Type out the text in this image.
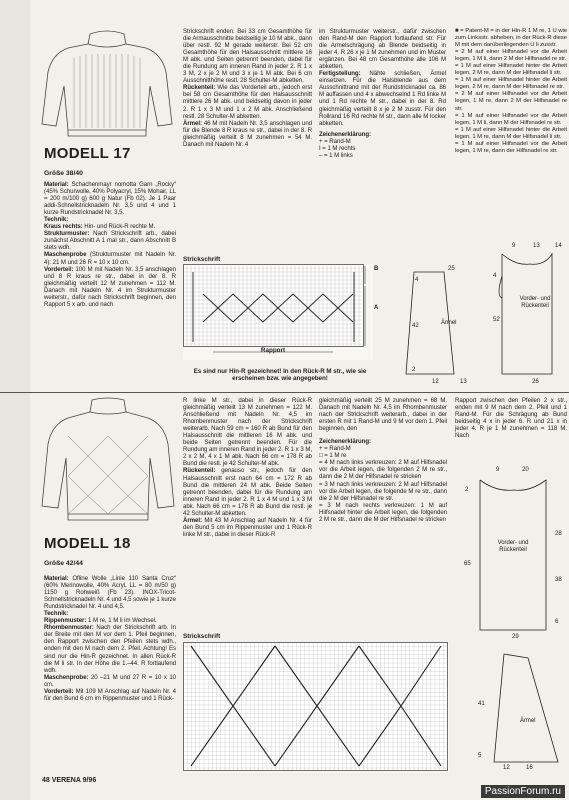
MODELL 17
Größe 38/40

Material: Schachenmayr nomotta Garn „Rocky“ (45% Schurwolle, 40% Polyacryl, 15% Mohair, LL = 200 m/100 g) 600 g Natur (Fb 02). Je 1 Paar addi-Schnellstricknadeln Nr. 3,5 und 4 und 1 kurze Rundstricknadel Nr. 3,5.

Technik:

Kraus rechts: Hin- und Rück-R rechte M.

Strukturmuster: Nach Strickschrift arb., dabei zunächst Abschnitt A 1 mal str., dann Abschnitt B stets wdh.

Maschenprobe (Strukturmuster mit Nadeln Nr. 4): 21 M und 26 R = 10 x 10 cm.

Vorderteil: 100 M mit Nadeln Nr. 3,5 anschlagen und 8 R kraus re str., dabei in der 8. R gleichmäßig verteilt 12 M zunehmen = 112 M. Danach mit Nadeln Nr. 4 im Strukturmuster weiterstr., dafür nach Strickschrift beginnen, den Rapport 5 x arb. und nach

Strickschrift enden. Bei 33 cm Gesamthöhe für die Armausschnitte beidseitig je 10 M abk., dann über restl. 92 M gerade weiterstr. Bei 52 cm Gesamthöhe für den Halsausschnitt mittlere 16 M abk. und Seiten getrennt beenden, dabei für die Rundung am inneren Rand in jeder 2. R 1 x 3 M, 2 x je 2 M und 3 x je 1 M abk. Bei 6 cm Ausschnitthöhe restl. 28 Schulter-M abketten.

Rückenteil: Wie das Vorderteil arb., jedoch erst bei 58 cm Gesamthöhe für den Halsausschnitt mittlere 26 M abk. und beidseitig davon in jeder 2. R 1 x 3 M und 1 x 2 M abk. Anschließend restl. 28 Schulter-M abketten.

Ärmel: 46 M mit Nadeln Nr. 3,5 anschlagen und für die Blende 8 R kraus re str., dabei in der 8. R gleichmäßig verteilt 8 M zunehmen = 54 M. Danach mit Nadeln Nr. 4

im Strukturmuster weiterstr., dafür zwischen den Rand-M den Rapport fortlaufend str. Für die Armelschrägung ab Blende beidseitig in jeder 4. R 26 x je 1 M zunehmen und im Muster ergänzen. Bei 48 cm Gesamthöhe alle 106 M abketten.

Fertigstellung: Nähte schließen, Ärmel einsetzen. Für die Halsblende aus dem Ausschnittrand mit der Rundstricknadel ca. 86 M auffassen und 4 x abwechselnd 1 Rd linke M und 1 Rd rechte M str., dabei in der 8. Rd gleichmäßig verteilt 8 x je 2 M zusstr. Für den Rollrand 16 Rd rechte M str., dann alle M locker abketten.

Zeichenerklärung:

+ = Rand-M

I = 1 M rechts

– = 1 M links

■ = Patent-M = in der Hin-R 1 M re, 1 U wie zum Linksstr. abheben, in der Rück-R diese M mit dem darüberliegenden U li zusstr.

= 2 M auf einer Hilfsnadel vor die Arbeit legen, 1 M li, dann 2 M der Hilfsnadel re str.

= 1 M auf einer Hilfsnadel hinter die Arbeit legen, 2 M re, dann M der Hilfsnadel li str.

= 1 M auf einer Hilfsnadel hinter die Arbeit legen, 2 M re, dann M der Hilfsnadel re str.

= 2 M auf einer Hilfsnadel vor die Arbeit legen, 1 M re, dann 2 M der Hilfsnadel re str.

= 1 M auf einer Hilfsnadel vor die Arbeit legen, 1 M li, dann M der Hilfsnadel re str.

= 1 M auf einer Hilfsnadel hinter die Arbeit legen, 1 M re, dann M der Hilfsnadel li str.

= 1 M auf einer Hilfsnadel vor die Arbeit legen, 1 M re, dann der Hilfsnadel re str.

Strickschrift
B
A
Rapport
Es sind nur Hin-R gezeichnet! In den Rück-R M str., wie sie erscheinen bzw. wie angegeben!
Ärmel
Vorder- und Rückenteil
25
4
42
2
12	13
9	13	14
52
4
26
MODELL 18
Größe 42/44

Material: Ofline Wolle „Linie 110 Santa Cruz“ (60% Merinowolle, 40% Acryl, LL = 80 m/50 g) 1150 g Rohweiß (Fb 23). INOX-Tricot-Schnellstricknadeln Nr. 4 und 4,5 sowie je 1 kurze Rundstricknadel Nr. 4 und 4,5.

Technik:

Rippenmuster: 1 M re, 1 M li im Wechsel.

Rhombenmuster: Nach der Strickschrift arb. In der Breite mit den M vor dem 1. Pfeil beginnen, den Rapport zwischen den Pfeilen stets wdh., enden mit den M nach dem 2. Pfeil. Achtung! Es sind nur die Hin-R gezeichnet. In allen Rück-R die M li str. In der Höhe die 1.–44. R fortlaufend wdh.

Maschenprobe: 20 –21 M und 27 R = 10 x 10 cm.

Vorderteil: Mit 109 M Anschlag auf Nadeln Nr. 4 für den Bund 6 cm im Rippenmuster und 1 Rück-

R linke M str., dabei in dieser Rück-R gleichmäßig verteilt 13 M zunehmen = 122 M. Anschließend mit Nadeln Nr. 4,5 im Rhombenmuster nach der Strickschrift weiterarb. Nach 59 cm = 160 R ab Bund für den Halsausschnitt die mittleren 16 M abk. und beide Seiten getrennt beenden. Für die Rundung am inneren Rand in jeder 2. R 1 x 3 M, 2 x 2 M, 4 x 1 M abk. Nach 66 cm = 178 R ab Bund die restl. je 42 Schulter-M abk.

Rückenteil: genauso str., jedoch für den Halsausschnitt erst nach 64 cm = 172 R ab Bund die mittleren 24 M abk. Beide Seiten getrennt beenden, dabei für die Rundung am inneren Rand in jeder 2. R 1 x 4 M und 1 x 3 M abk. Nach 66 cm = 178 R ab Bund die restl. je 42 Schulter-M abketten.

Ärmel: Mit 43 M Anschlag auf Nadeln Nr. 4 für den Bund 5 cm im Rippenmuster und 1 Rück-R linke M str., dabei in dieser Rück-R

gleichmäßig verteilt 25 M zunehmen = 68 M. Danach mit Nadeln Nr. 4,5 im Rhombenmuster nach der Strickschrift weiterarb., dabei in der ersten R mit 1 Rand-M und 9 M vor dem 1. Pfeil beginnen, den

Zeichenerklärung:

+ = Rand-M

□ = 1 M re

= 4 M nach links verkreuzen: 2 M auf Hilfsnadel vor die Arbeit legen, die folgenden 2 M re str., dann die 2 M der Hilfsnadel re stricken

= 3 M nach links verkreuzen: 2 M auf Hilfsnadel vor die Arbeit legen, die folgende M re str., dann die 2 M der Hilfsnadel re str.

= 3 M nach rechts verkreuzen: 1 M auf Hilfsnadel hinter die Arbeit legen, die folgenden 2 M re str., dann die M der Hilfsnadel re stricken

Rapport zwischen den Pfeilen 2 x str., enden mit 9 M nach dem 2. Pfeil und 1 Rand-M. Für die Schrägung ab Bund beidseitig 4 x in jeder 6. R und 21 x in jeder 4. R je 1 M zunehmen = 118 M. Nach

Strickschrift
Vorder- und Rückenteil
Ärmel
9	20
2
65
28
38
6
29
41
5
12	16
48 VERENA 9/96
PassionForum.ru
